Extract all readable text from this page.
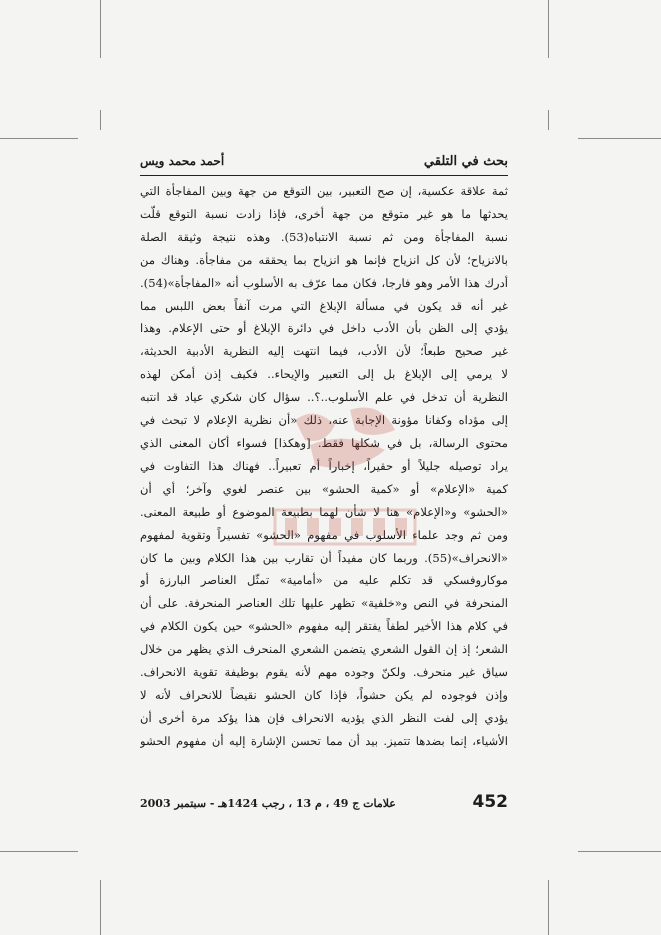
بحث في التلقي
أحمد محمد ويس
ثمة علاقة عكسية، إن صح التعبير، بين التوقع من جهة وبين المفاجأة التي
يحدثها ما هو غير متوقع من جهة أخرى، فإذا زادت نسبة التوقع قلّت
نسبة المفاجأة ومن ثم نسبة الانتباه(53). وهذه نتيجة وثيقة الصلة
بالانزياح؛ لأن كل انزياح فإنما هو انزياح بما يحققه من مفاجأة. وهناك من
أدرك هذا الأمر وهو فارجا، فكان مما عرّف به الأسلوب أنه «المفاجأة»(54).
غير أنه قد يكون في مسألة الإبلاغ التي مرت آنفاً بعض اللبس مما
يؤدي إلى الظن بأن الأدب داخل في دائرة الإبلاغ أو حتى الإعلام. وهذا
غير صحيح طبعاً؛ لأن الأدب، فيما انتهت إليه النظرية الأدبية الحديثة،
لا يرمي إلى الإبلاغ بل إلى التعبير والإيحاء.. فكيف إذن أمكن لهذه
النظرية أن تدخل في علم الأسلوب..؟.. سؤال كان شكري عياد قد انتبه
إلى مؤداه وكفانا مؤونة الإجابة عنه، ذلك «أن نظرية الإعلام لا تبحث في
محتوى الرسالة، بل في شكلها فقط. [وهكذا] فسواء أكان المعنى الذي
يراد توصيله جليلاً أو حقيراً، إخباراً أم تعبيراً.. فهناك هذا التفاوت في
كمية «الإعلام» أو «كمية الحشو» بين عنصر لغوي وآخر؛ أي أن
«الحشو» و«الإعلام» هنا لا شأن لهما بطبيعة الموضوع أو طبيعة المعنى.
ومن ثم وجد علماء الأسلوب في مفهوم «الحشو» تفسيراً وتقوية لمفهوم
«الانحراف»(55). وربما كان مفيداً أن تقارب بين هذا الكلام وبين ما كان
موكاروفسكي قد تكلم عليه من «أمامية» تمثّل العناصر البارزة أو
المنحرفة في النص و«خلفية» تظهر عليها تلك العناصر المنحرفة. على أن
في كلام هذا الأخير لطفاً يفتقر إليه مفهوم «الحشو» حين يكون الكلام في
الشعر؛ إذ إن القول الشعري يتضمن الشعري المنحرف الذي يظهر من خلال
سياق غير منحرف. ولكنّ وجوده مهم لأنه يقوم بوظيفة تقوية الانحراف.
وإذن فوجوده لم يكن حشواً، فإذا كان الحشو نقيضاً للانحراف لأنه لا
يؤدي إلى لفت النظر الذي يؤديه الانحراف فإن هذا يؤكد مرة أخرى أن
الأشياء، إنما بضدها تتميز. بيد أن مما تحسن الإشارة إليه أن مفهوم الحشو
452
علامات ج 49 ، م 13 ، رجب 1424هـ - سبتمبر 2003
